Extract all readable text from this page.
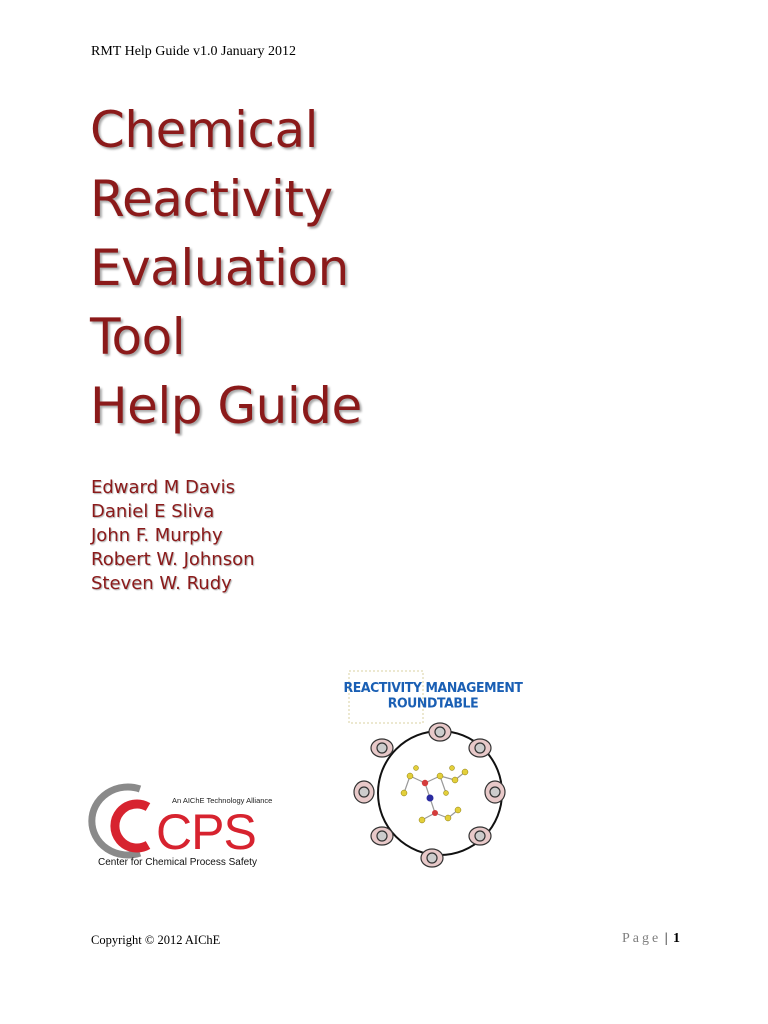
RMT Help Guide v1.0 January 2012
Chemical
Reactivity
Evaluation
Tool
Help Guide
Edward M Davis
Daniel E Sliva
John F. Murphy
Robert W. Johnson
Steven W. Rudy
REACTIVITY MANAGEMENT
ROUNDTABLE
CPS
An AIChE Technology Alliance
Center for Chemical Process Safety
Copyright © 2012 AIChE	Page | 1
